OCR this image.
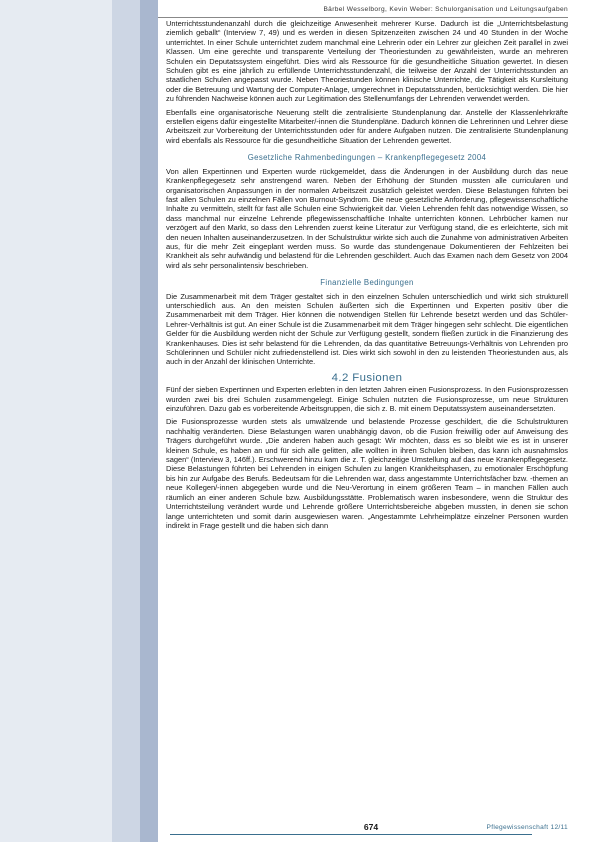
Bärbel Wesselborg, Kevin Weber: Schulorganisation und Leitungsaufgaben

Unterrichtsstundenanzahl durch die gleichzeitige Anwesenheit mehrerer Kurse. Dadurch ist die „Unterrichtsbelastung ziemlich geballt“ (Interview 7, 49) und es werden in diesen Spitzenzeiten zwischen 24 und 40 Stunden in der Woche unterrichtet. In einer Schule unterrichtet zudem manchmal eine Lehrerin oder ein Lehrer zur gleichen Zeit parallel in zwei Klassen. Um eine gerechte und transparente Verteilung der Theoriestunden zu gewährleisten, wurde an mehreren Schulen ein Deputatssystem eingeführt. Dies wird als Ressource für die gesundheitliche Situation gewertet. In diesen Schulen gibt es eine jährlich zu erfüllende Unterrichtsstundenzahl, die teilweise der Anzahl der Unterrichtsstunden an staatlichen Schulen angepasst wurde. Neben Theoriestunden können klinische Unterrichte, die Tätigkeit als Kursleitung oder die Betreuung und Wartung der Computer-Anlage, umgerechnet in Deputatsstunden, berücksichtigt werden. Die hier zu führenden Nachweise können auch zur Legitimation des Stellenumfangs der Lehrenden verwendet werden.

Ebenfalls eine organisatorische Neuerung stellt die zentralisierte Stundenplanung dar. Anstelle der Klassenlehrkräfte erstellen eigens dafür eingestellte Mitarbeiter/-innen die Stundenpläne. Dadurch können die Lehrerinnen und Lehrer diese Arbeitszeit zur Vorbereitung der Unterrichtsstunden oder für andere Aufgaben nutzen. Die zentralisierte Stundenplanung wird ebenfalls als Ressource für die gesundheitliche Situation der Lehrenden gewertet.

Gesetzliche Rahmenbedingungen – Krankenpflegegesetz 2004

Von allen Expertinnen und Experten wurde rückgemeldet, dass die Änderungen in der Ausbildung durch das neue Krankenpflegegesetz sehr anstrengend waren. Neben der Erhöhung der Stunden mussten alle curricularen und organisatorischen Anpassungen in der normalen Arbeitszeit zusätzlich geleistet werden. Diese Belastungen führten bei fast allen Schulen zu einzelnen Fällen von Burnout-Syndrom. Die neue gesetzliche Anforderung, pflegewissenschaftliche Inhalte zu vermitteln, stellt für fast alle Schulen eine Schwierigkeit dar. Vielen Lehrenden fehlt das notwendige Wissen, so dass manchmal nur einzelne Lehrende pflegewissenschaftliche Inhalte unterrichten können. Lehrbücher kamen nur verzögert auf den Markt, so dass den Lehrenden zuerst keine Literatur zur Verfügung stand, die es erleichterte, sich mit den neuen Inhalten auseinanderzusetzen. In der Schulstruktur wirkte sich auch die Zunahme von administrativen Arbeiten aus, für die mehr Zeit eingeplant werden muss. So wurde das stundengenaue Dokumentieren der Fehlzeiten bei Krankheit als sehr aufwändig und belastend für die Lehrenden geschildert. Auch das Examen nach dem Gesetz von 2004 wird als sehr personalintensiv beschrieben.

Finanzielle Bedingungen

Die Zusammenarbeit mit dem Träger gestaltet sich in den einzelnen Schulen unterschiedlich und wirkt sich strukturell unterschiedlich aus. An den meisten Schulen äußerten sich die Expertinnen und Experten positiv über die Zusammenarbeit mit dem Träger. Hier können die notwendigen Stellen für Lehrende besetzt werden und das Schüler-Lehrer-Verhältnis ist gut. An einer Schule ist die Zusammenarbeit mit dem Träger hingegen sehr schlecht. Die eigentlichen Gelder für die Ausbildung werden nicht der Schule zur Verfügung gestellt, sondern fließen zurück in die Finanzierung des Krankenhauses. Dies ist sehr belastend für die Lehrenden, da das quantitative Betreuungs-Verhältnis von Lehrenden pro Schülerinnen und Schüler nicht zufriedenstellend ist. Dies wirkt sich sowohl in den zu leistenden Theoriestunden aus, als auch in der Anzahl der klinischen Unterrichte.

4.2 Fusionen

Fünf der sieben Expertinnen und Experten erlebten in den letzten Jahren einen Fusionsprozess. In den Fusionsprozessen wurden zwei bis drei Schulen zusammengelegt. Einige Schulen nutzten die Fusionsprozesse, um neue Strukturen einzuführen. Dazu gab es vorbereitende Arbeitsgruppen, die sich z. B. mit einem Deputatssystem auseinandersetzten.

Die Fusionsprozesse wurden stets als umwälzende und belastende Prozesse geschildert, die die Schulstrukturen nachhaltig veränderten. Diese Belastungen waren unabhängig davon, ob die Fusion freiwillig oder auf Anweisung des Trägers durchgeführt wurde. „Die anderen haben auch gesagt: Wir möchten, dass es so bleibt wie es ist in unserer kleinen Schule, es haben an und für sich alle gelitten, alle wollten in ihren Schulen bleiben, das kann ich ausnahmslos sagen“ (Interview 3, 146ff.). Erschwerend hinzu kam die z. T. gleichzeitige Umstellung auf das neue Krankenpflegegesetz. Diese Belastungen führten bei Lehrenden in einigen Schulen zu langen Krankheitsphasen, zu emotionaler Erschöpfung bis hin zur Aufgabe des Berufs. Bedeutsam für die Lehrenden war, dass angestammte Unterrichtsfächer bzw. -themen an neue Kollegen/-innen abgegeben wurde und die Neu-Verortung in einem größeren Team – in manchen Fällen auch räumlich an einer anderen Schule bzw. Ausbildungsstätte. Problematisch waren insbesondere, wenn die Struktur des Unterrichtsteilung verändert wurde und Lehrende größere Unterrichtsbereiche abgeben mussten, in denen sie schon lange unterrichteten und somit darin ausgewiesen waren. „Angestammte Lehrheimplätze einzelner Personen wurden indirekt in Frage gestellt und die haben sich dann

674	Pflegewissenschaft 12/11
